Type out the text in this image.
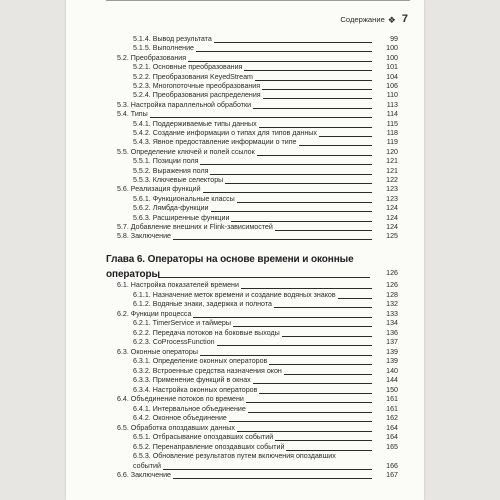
Содержание ❖ 7
5.1.4. Вывод результата	99
5.1.5. Выполнение	100
5.2. Преобразования	100
5.2.1. Основные преобразования	101
5.2.2. Преобразования KeyedStream	104
5.2.3. Многопоточные преобразования	106
5.2.4. Преобразования распределения	110
5.3. Настройка параллельной обработки	113
5.4. Типы	114
5.4.1. Поддерживаемые типы данных	115
5.4.2. Создание информации о типах для типов данных	118
5.4.3. Явное предоставление информации о типе	119
5.5. Определение ключей и полей ссылок	120
5.5.1. Позиции поля	121
5.5.2. Выражения поля	121
5.5.3. Ключевые селекторы	122
5.6. Реализация функций	123
5.6.1. Функциональные классы	123
5.6.2. Лямбда-функции	124
5.6.3. Расширенные функции	124
5.7. Добавление внешних и Flink-зависимостей	124
5.8. Заключение	125
Глава 6. Операторы на основе времени и оконные операторы	126
6.1. Настройка показателей времени	126
6.1.1. Назначение меток времени и создание водяных знаков	128
6.1.2. Водяные знаки, задержка и полнота	132
6.2. Функции процесса	133
6.2.1. TimerService и таймеры	134
6.2.2. Передача потоков на боковые выходы	136
6.2.3. CoProcessFunction	137
6.3. Оконные операторы	139
6.3.1. Определение оконных операторов	139
6.3.2. Встроенные средства назначения окон	140
6.3.3. Применение функций в окнах	144
6.3.4. Настройка оконных операторов	150
6.4. Объединение потоков по времени	161
6.4.1. Интервальное объединение	161
6.4.2. Оконное объединение	162
6.5. Обработка опоздавших данных	164
6.5.1. Отбрасывание опоздавших событий	164
6.5.2. Перенаправление опоздавших событий	165
6.5.3. Обновление результатов путем включения опоздавших
событий	166
6.6. Заключение	167
